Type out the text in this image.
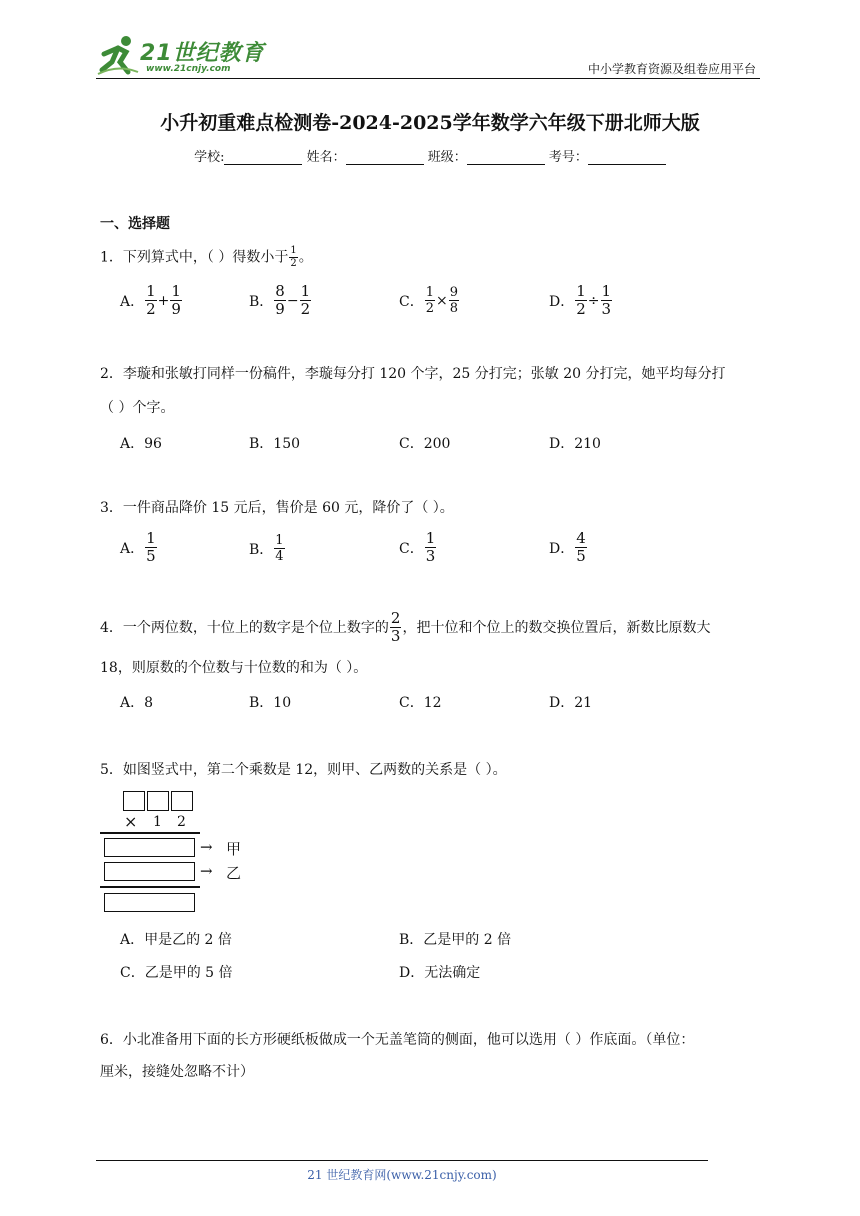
21世纪教育
www.21cnjy.com	中小学教育资源及组卷应用平台
小升初重难点检测卷-2024-2025学年数学六年级下册北师大版
学校:	姓名：	班级：	考号：
一、选择题
1．下列算式中，（ ）得数小于 $\frac{1}{2}$ 。
A． $\frac{1}{2} + \frac{1}{9}$	B． $\frac{8}{9} - \frac{1}{2}$	C． $\frac{1}{2} \times \frac{9}{8}$	D． $\frac{1}{2} \div \frac{1}{3}$
2．李璇和张敏打同样一份稿件，李璇每分打 120 个字，25 分打完；张敏 20 分打完，她平均每分打
（ ）个字。
A．96	B．150	C．200	D．210
3．一件商品降价 15 元后，售价是 60 元，降价了（ ）。
A． $\frac{1}{5}$	B． $\frac{1}{4}$	C． $\frac{1}{3}$	D． $\frac{4}{5}$
4．一个两位数，十位上的数字是个位上数字的 $\frac{2}{3}$ ，把十位和个位上的数交换位置后，新数比原数大
18，则原数的个位数与十位数的和为（ ）。
A．8	B．10	C．12	D．21
5．如图竖式中，第二个乘数是 12，则甲、乙两数的关系是（ ）。
× 1 2
→ 甲
→ 乙
A．甲是乙的 2 倍	B．乙是甲的 2 倍
C．乙是甲的 5 倍	D．无法确定
6．小北准备用下面的长方形硬纸板做成一个无盖笔筒的侧面，他可以选用（ ）作底面。（单位：
厘米，接缝处忽略不计）
21 世纪教育网(www.21cnjy.com)
